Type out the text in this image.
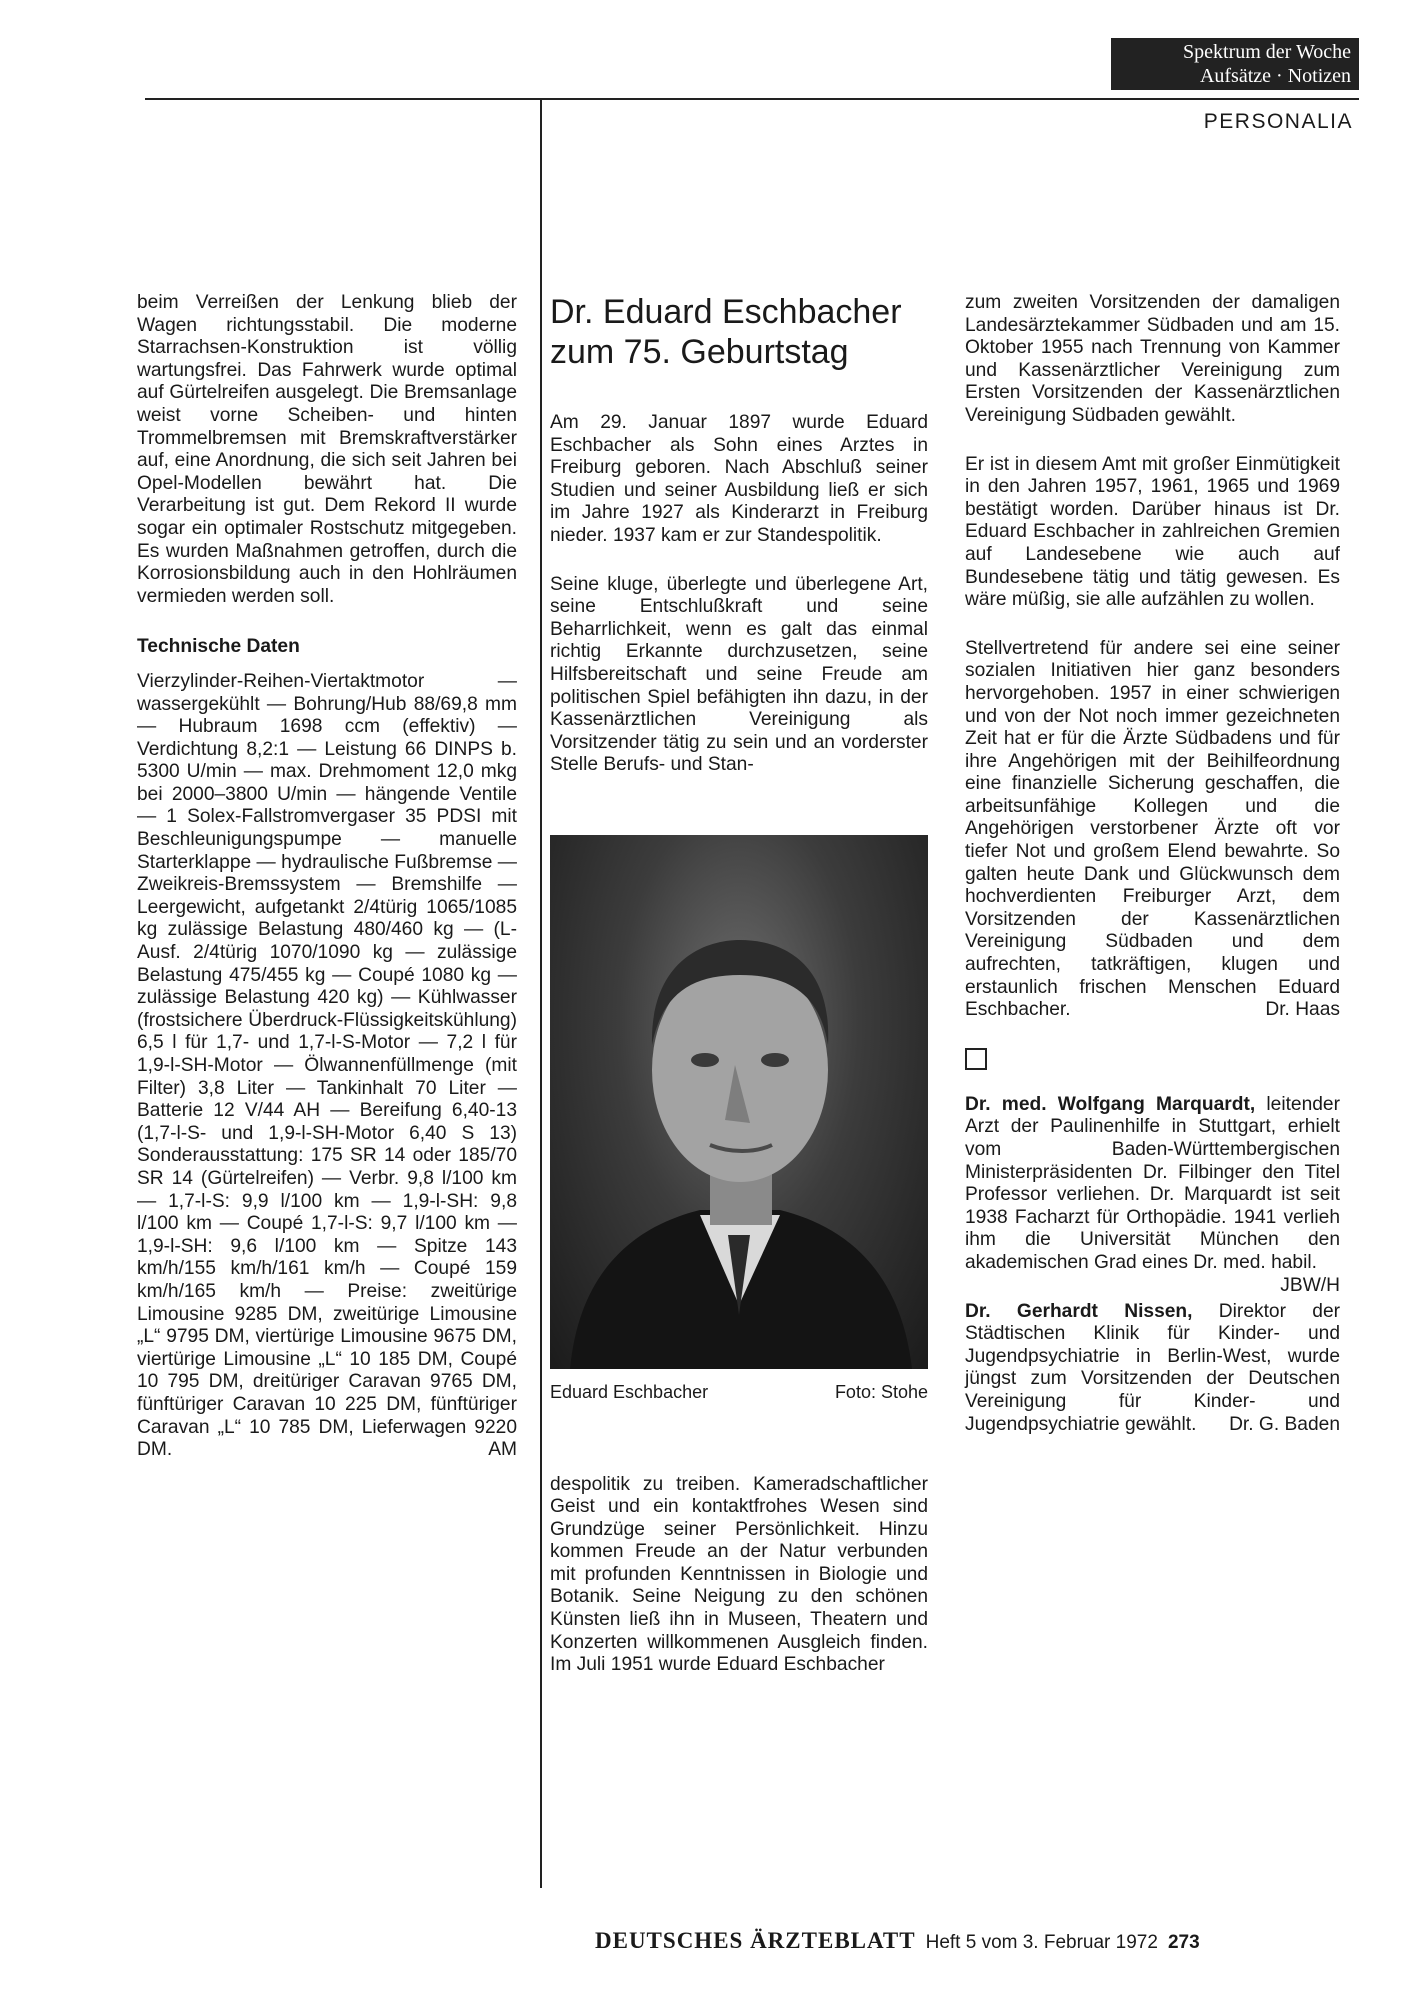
Spektrum der Woche
Aufsätze · Notizen
PERSONALIA

beim Verreißen der Lenkung blieb der Wagen richtungsstabil. Die moderne Starrachsen-Konstruktion ist völlig wartungsfrei. Das Fahrwerk wurde optimal auf Gürtelreifen ausgelegt. Die Bremsanlage weist vorne Scheiben- und hinten Trommelbremsen mit Bremskraftverstärker auf, eine Anordnung, die sich seit Jahren bei Opel-Modellen bewährt hat. Die Verarbeitung ist gut. Dem Rekord II wurde sogar ein optimaler Rostschutz mitgegeben. Es wurden Maßnahmen getroffen, durch die Korrosionsbildung auch in den Hohlräumen vermieden werden soll.

Technische Daten

Vierzylinder-Reihen-Viertaktmotor — wassergekühlt — Bohrung/Hub 88/69,8 mm — Hubraum 1698 ccm (effektiv) — Verdichtung 8,2:1 — Leistung 66 DINPS b. 5300 U/min — max. Drehmoment 12,0 mkg bei 2000–3800 U/min — hängende Ventile — 1 Solex-Fallstromvergaser 35 PDSI mit Beschleunigungspumpe — manuelle Starterklappe — hydraulische Fußbremse — Zweikreis-Bremssystem — Bremshilfe — Leergewicht, aufgetankt 2/4türig 1065/1085 kg zulässige Belastung 480/460 kg — (L-Ausf. 2/4türig 1070/1090 kg — zulässige Belastung 475/455 kg — Coupé 1080 kg — zulässige Belastung 420 kg) — Kühlwasser (frostsichere Überdruck-Flüssigkeitskühlung) 6,5 l für 1,7- und 1,7-l-S-Motor — 7,2 l für 1,9-l-SH-Motor — Ölwannenfüllmenge (mit Filter) 3,8 Liter — Tankinhalt 70 Liter — Batterie 12 V/44 AH — Bereifung 6,40-13 (1,7-l-S- und 1,9-l-SH-Motor 6,40 S 13) Sonderausstattung: 175 SR 14 oder 185/70 SR 14 (Gürtelreifen) — Verbr. 9,8 l/100 km — 1,7-l-S: 9,9 l/100 km — 1,9-l-SH: 9,8 l/100 km — Coupé 1,7-l-S: 9,7 l/100 km — 1,9-l-SH: 9,6 l/100 km — Spitze 143 km/h/155 km/h/161 km/h — Coupé 159 km/h/165 km/h — Preise: zweitürige Limousine 9285 DM, zweitürige Limousine „L“ 9795 DM, viertürige Limousine 9675 DM, viertürige Limousine „L“ 10 185 DM, Coupé 10 795 DM, dreitüriger Caravan 9765 DM, fünftüriger Caravan 10 225 DM, fünftüriger Caravan „L“ 10 785 DM, Lieferwagen 9220 DM.	AM

Dr. Eduard Eschbacher
zum 75. Geburtstag

Am 29. Januar 1897 wurde Eduard Eschbacher als Sohn eines Arztes in Freiburg geboren. Nach Abschluß seiner Studien und seiner Ausbildung ließ er sich im Jahre 1927 als Kinderarzt in Freiburg nieder. 1937 kam er zur Standespolitik.

Seine kluge, überlegte und überlegene Art, seine Entschlußkraft und seine Beharrlichkeit, wenn es galt das einmal richtig Erkannte durchzusetzen, seine Hilfsbereitschaft und seine Freude am politischen Spiel befähigten ihn dazu, in der Kassenärztlichen Vereinigung als Vorsitzender tätig zu sein und an vorderster Stelle Berufs- und Stan-

Eduard Eschbacher	Foto: Stohe

despolitik zu treiben. Kameradschaftlicher Geist und ein kontaktfrohes Wesen sind Grundzüge seiner Persönlichkeit. Hinzu kommen Freude an der Natur verbunden mit profunden Kenntnissen in Biologie und Botanik. Seine Neigung zu den schönen Künsten ließ ihn in Museen, Theatern und Konzerten willkommenen Ausgleich finden. Im Juli 1951 wurde Eduard Eschbacher

zum zweiten Vorsitzenden der damaligen Landesärztekammer Südbaden und am 15. Oktober 1955 nach Trennung von Kammer und Kassenärztlicher Vereinigung zum Ersten Vorsitzenden der Kassenärztlichen Vereinigung Südbaden gewählt.

Er ist in diesem Amt mit großer Einmütigkeit in den Jahren 1957, 1961, 1965 und 1969 bestätigt worden. Darüber hinaus ist Dr. Eduard Eschbacher in zahlreichen Gremien auf Landesebene wie auch auf Bundesebene tätig und tätig gewesen. Es wäre müßig, sie alle aufzählen zu wollen.

Stellvertretend für andere sei eine seiner sozialen Initiativen hier ganz besonders hervorgehoben. 1957 in einer schwierigen und von der Not noch immer gezeichneten Zeit hat er für die Ärzte Südbadens und für ihre Angehörigen mit der Beihilfeordnung eine finanzielle Sicherung geschaffen, die arbeitsunfähige Kollegen und die Angehörigen verstorbener Ärzte oft vor tiefer Not und großem Elend bewahrte. So galten heute Dank und Glückwunsch dem hochverdienten Freiburger Arzt, dem Vorsitzenden der Kassenärztlichen Vereinigung Südbaden und dem aufrechten, tatkräftigen, klugen und erstaunlich frischen Menschen Eduard Eschbacher.	Dr. Haas

Dr. med. Wolfgang Marquardt, leitender Arzt der Paulinenhilfe in Stuttgart, erhielt vom Baden-Württembergischen Ministerpräsidenten Dr. Filbinger den Titel Professor verliehen. Dr. Marquardt ist seit 1938 Facharzt für Orthopädie. 1941 verlieh ihm die Universität München den akademischen Grad eines Dr. med. habil.
JBW/H

Dr. Gerhardt Nissen, Direktor der Städtischen Klinik für Kinder- und Jugendpsychiatrie in Berlin-West, wurde jüngst zum Vorsitzenden der Deutschen Vereinigung für Kinder- und Jugendpsychiatrie gewählt. Dr. G. Baden

DEUTSCHES ÄRZTEBLATT Heft 5 vom 3. Februar 1972 273
